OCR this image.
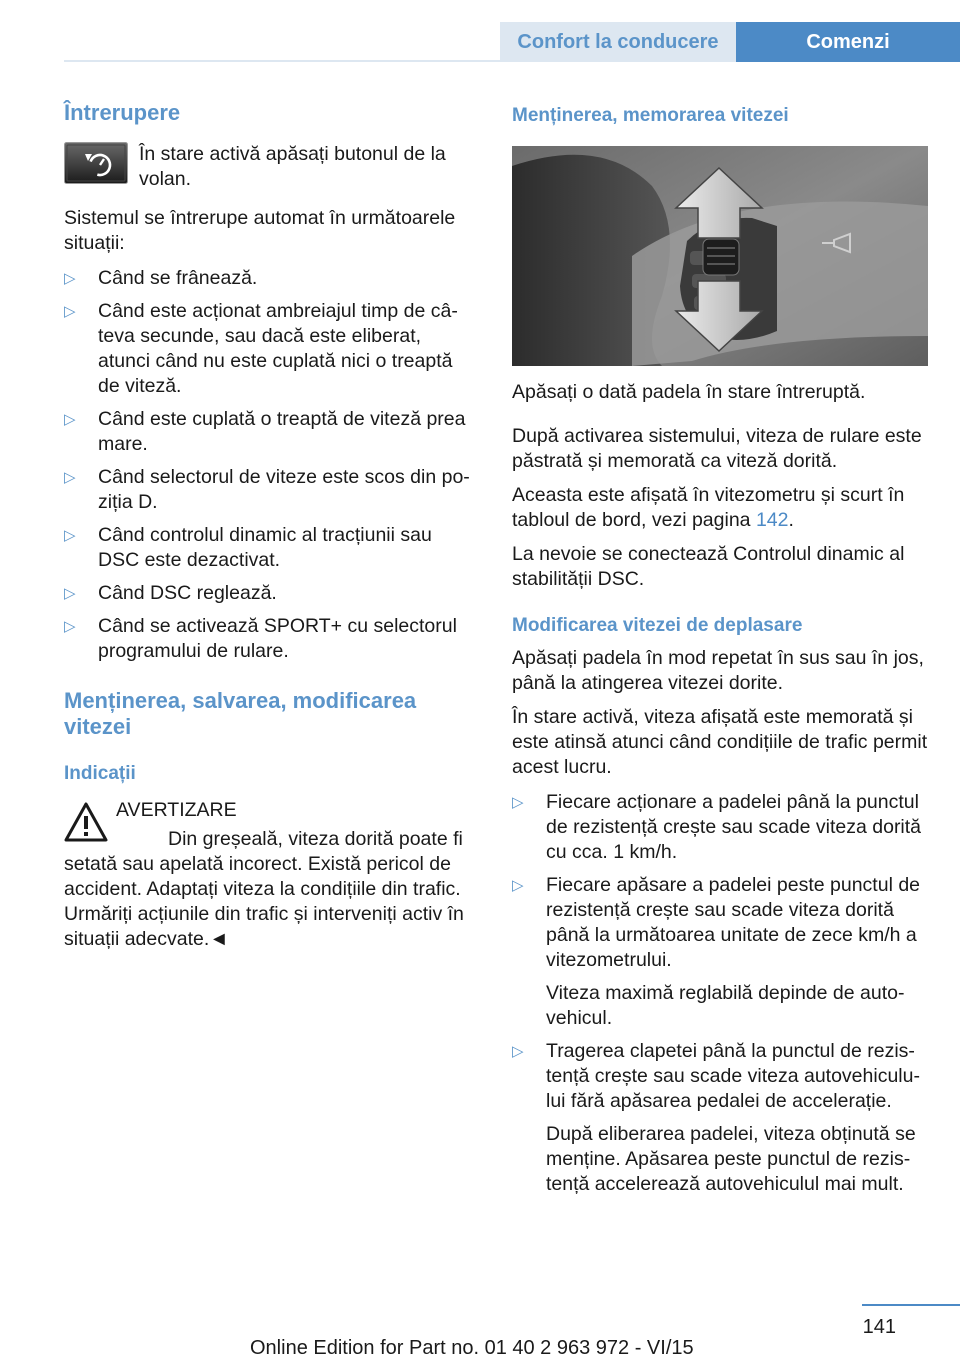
Confort la conducere	Comenzi
Întrerupere

În stare activă apăsați butonul de la volan.

Sistemul se întrerupe automat în următoarele situații:

▷ Când se frânează.
▷ Când este acționat ambreiajul timp de câteva secunde, sau dacă este eliberat, atunci când nu este cuplată nici o treaptă de viteză.
▷ Când este cuplată o treaptă de viteză prea mare.
▷ Când selectorul de viteze este scos din poziția D.
▷ Când controlul dinamic al tracțiunii sau DSC este dezactivat.
▷ Când DSC reglează.
▷ Când se activează SPORT+ cu selectorul programului de rulare.
Menținerea, salvarea, modificarea vitezei
Indicații
AVERTIZARE
Din greșeală, viteza dorită poate fi setată sau apelată incorect. Există pericol de accident. Adaptați viteza la condițiile din trafic. Urmăriți acțiunile din trafic și interveniți activ în situații adecvate.◄
Menținerea, memorarea vitezei

Apăsați o dată padela în stare întreruptă.

După activarea sistemului, viteza de rulare este păstrată și memorată ca viteză dorită.

Aceasta este afișată în vitezometru și scurt în tabloul de bord, vezi pagina 142.

La nevoie se conectează Controlul dinamic al stabilității DSC.

Modificarea vitezei de deplasare

Apăsați padela în mod repetat în sus sau în jos, până la atingerea vitezei dorite.

În stare activă, viteza afișată este memorată și este atinsă atunci când condițiile de trafic permit acest lucru.

▷ Fiecare acționare a padelei până la punctul de rezistență crește sau scade viteza dorită cu cca. 1 km/h.
▷ Fiecare apăsare a padelei peste punctul de rezistență crește sau scade viteza dorită până la următoarea unitate de zece km/h a vitezometrului.
Viteza maximă reglabilă depinde de autovehicul.
▷ Tragerea clapetei până la punctul de rezistență crește sau scade viteza autovehiculului fără apăsarea pedalei de accelerație.
După eliberarea padelei, viteza obținută se menține. Apăsarea peste punctul de rezistență accelerează autovehiculul mai mult.
141
Online Edition for Part no. 01 40 2 963 972 - VI/15
